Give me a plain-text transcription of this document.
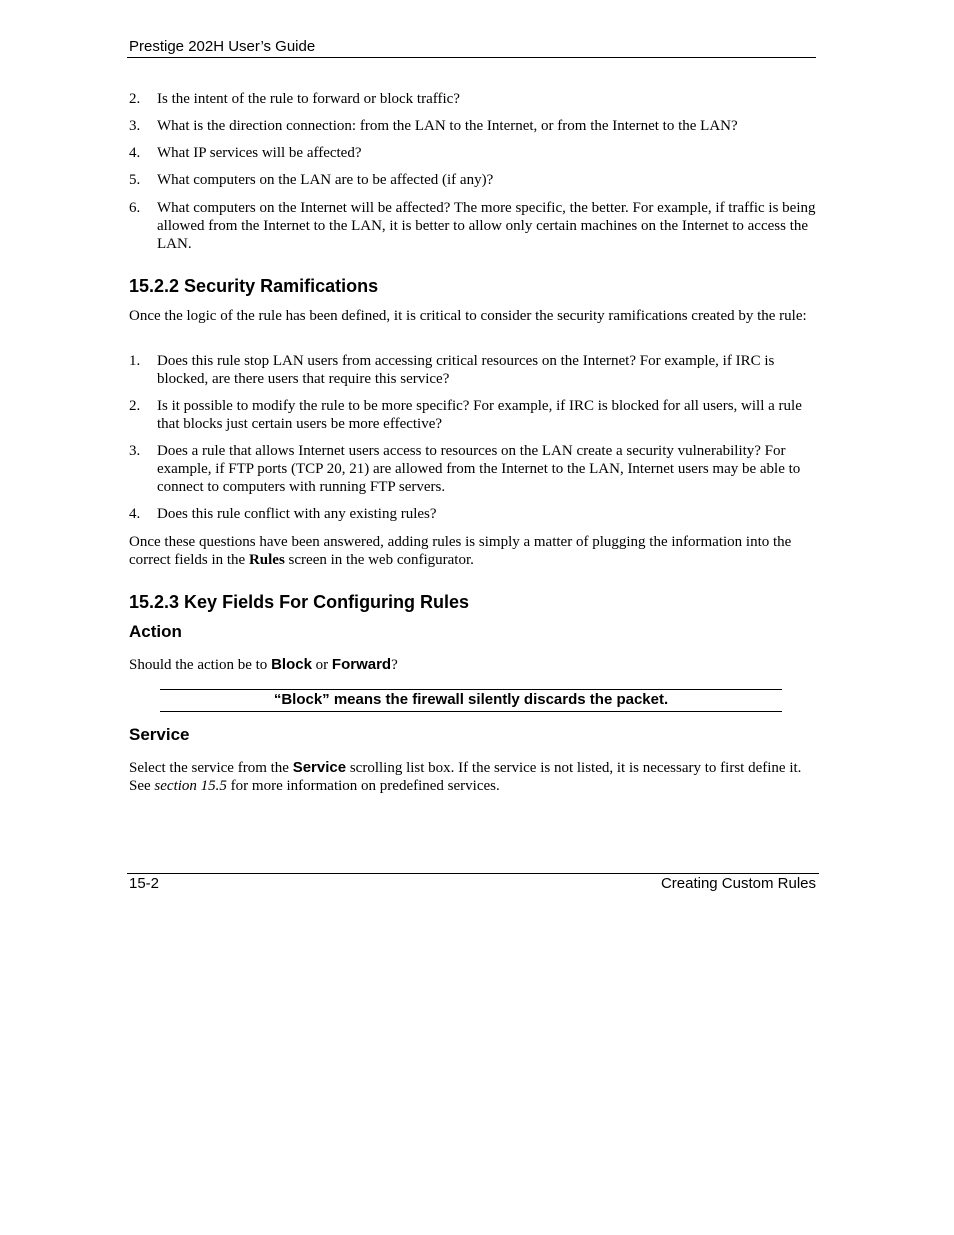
Prestige 202H User’s Guide
2.	Is the intent of the rule to forward or block traffic?
3.	What is the direction connection: from the LAN to the Internet, or from the Internet to the LAN?
4.	What IP services will be affected?
5.	What computers on the LAN are to be affected (if any)?
6.	What computers on the Internet will be affected? The more specific, the better. For example, if traffic is being allowed from the Internet to the LAN, it is better to allow only certain machines on the Internet to access the LAN.
15.2.2 Security Ramifications
Once the logic of the rule has been defined, it is critical to consider the security ramifications created by the rule:
1.	Does this rule stop LAN users from accessing critical resources on the Internet? For example, if IRC is blocked, are there users that require this service?
2.	Is it possible to modify the rule to be more specific? For example, if IRC is blocked for all users, will a rule that blocks just certain users be more effective?
3.	Does a rule that allows Internet users access to resources on the LAN create a security vulnerability? For example, if FTP ports (TCP 20, 21) are allowed from the Internet to the LAN, Internet users may be able to connect to computers with running FTP servers.
4.	Does this rule conflict with any existing rules?
Once these questions have been answered, adding rules is simply a matter of plugging the information into the correct fields in the Rules screen in the web configurator.
15.2.3 Key Fields For Configuring Rules
Action
Should the action be to Block or Forward?
“Block” means the firewall silently discards the packet.
Service
Select the service from the Service scrolling list box. If the service is not listed, it is necessary to first define it. See section 15.5 for more information on predefined services.
15-2	Creating Custom Rules
